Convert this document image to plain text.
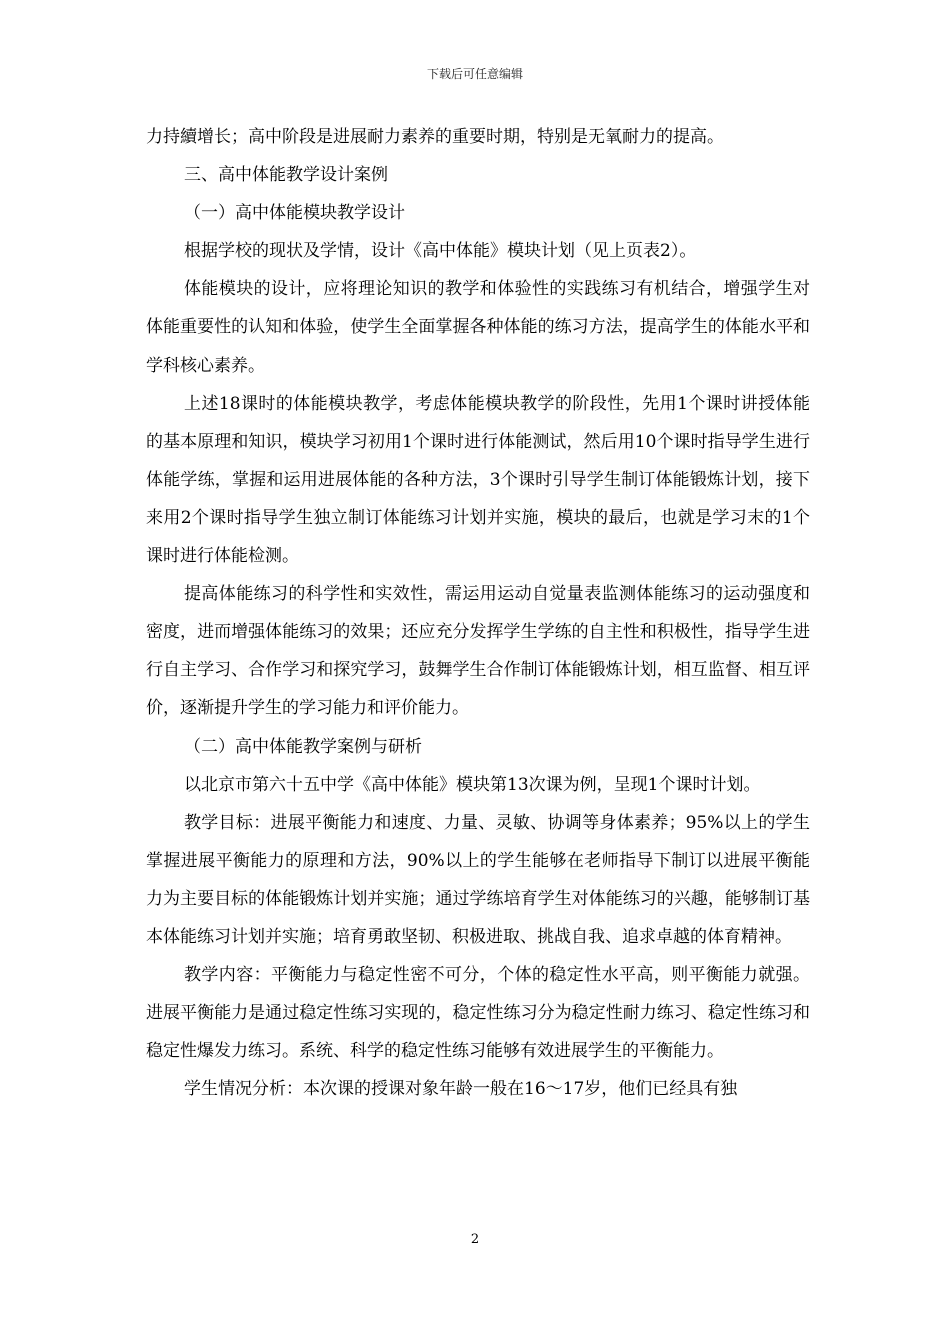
下载后可任意编辑

力持續增长；高中阶段是进展耐力素养的重要时期，特别是无氧耐力的提高。

三、高中体能教学设计案例

（一）高中体能模块教学设计

根据学校的现状及学情，设计《高中体能》模块计划（见上页表2）。

体能模块的设计，应将理论知识的教学和体验性的实践练习有机结合，增强学生对体能重要性的认知和体验，使学生全面掌握各种体能的练习方法，提高学生的体能水平和学科核心素养。

上述18课时的体能模块教学，考虑体能模块教学的阶段性，先用1个课时讲授体能的基本原理和知识，模块学习初用1个课时进行体能测试，然后用10个课时指导学生进行体能学练，掌握和运用进展体能的各种方法，3个课时引导学生制订体能锻炼计划，接下来用2个课时指导学生独立制订体能练习计划并实施，模块的最后，也就是学习末的1个课时进行体能检测。

提高体能练习的科学性和实效性，需运用运动自觉量表监测体能练习的运动强度和密度，进而增强体能练习的效果；还应充分发挥学生学练的自主性和积极性，指导学生进行自主学习、合作学习和探究学习，鼓舞学生合作制订体能锻炼计划，相互监督、相互评价，逐渐提升学生的学习能力和评价能力。

（二）高中体能教学案例与研析

以北京市第六十五中学《高中体能》模块第13次课为例，呈现1个课时计划。

教学目标：进展平衡能力和速度、力量、灵敏、协调等身体素养；95%以上的学生掌握进展平衡能力的原理和方法，90%以上的学生能够在老师指导下制订以进展平衡能力为主要目标的体能锻炼计划并实施；通过学练培育学生对体能练习的兴趣，能够制订基本体能练习计划并实施；培育勇敢坚韧、积极进取、挑战自我、追求卓越的体育精神。

教学内容：平衡能力与稳定性密不可分，个体的稳定性水平高，则平衡能力就强。进展平衡能力是通过稳定性练习实现的，稳定性练习分为稳定性耐力练习、稳定性练习和稳定性爆发力练习。系统、科学的稳定性练习能够有效进展学生的平衡能力。

学生情况分析：本次课的授课对象年龄一般在16～17岁，他们已经具有独

2
